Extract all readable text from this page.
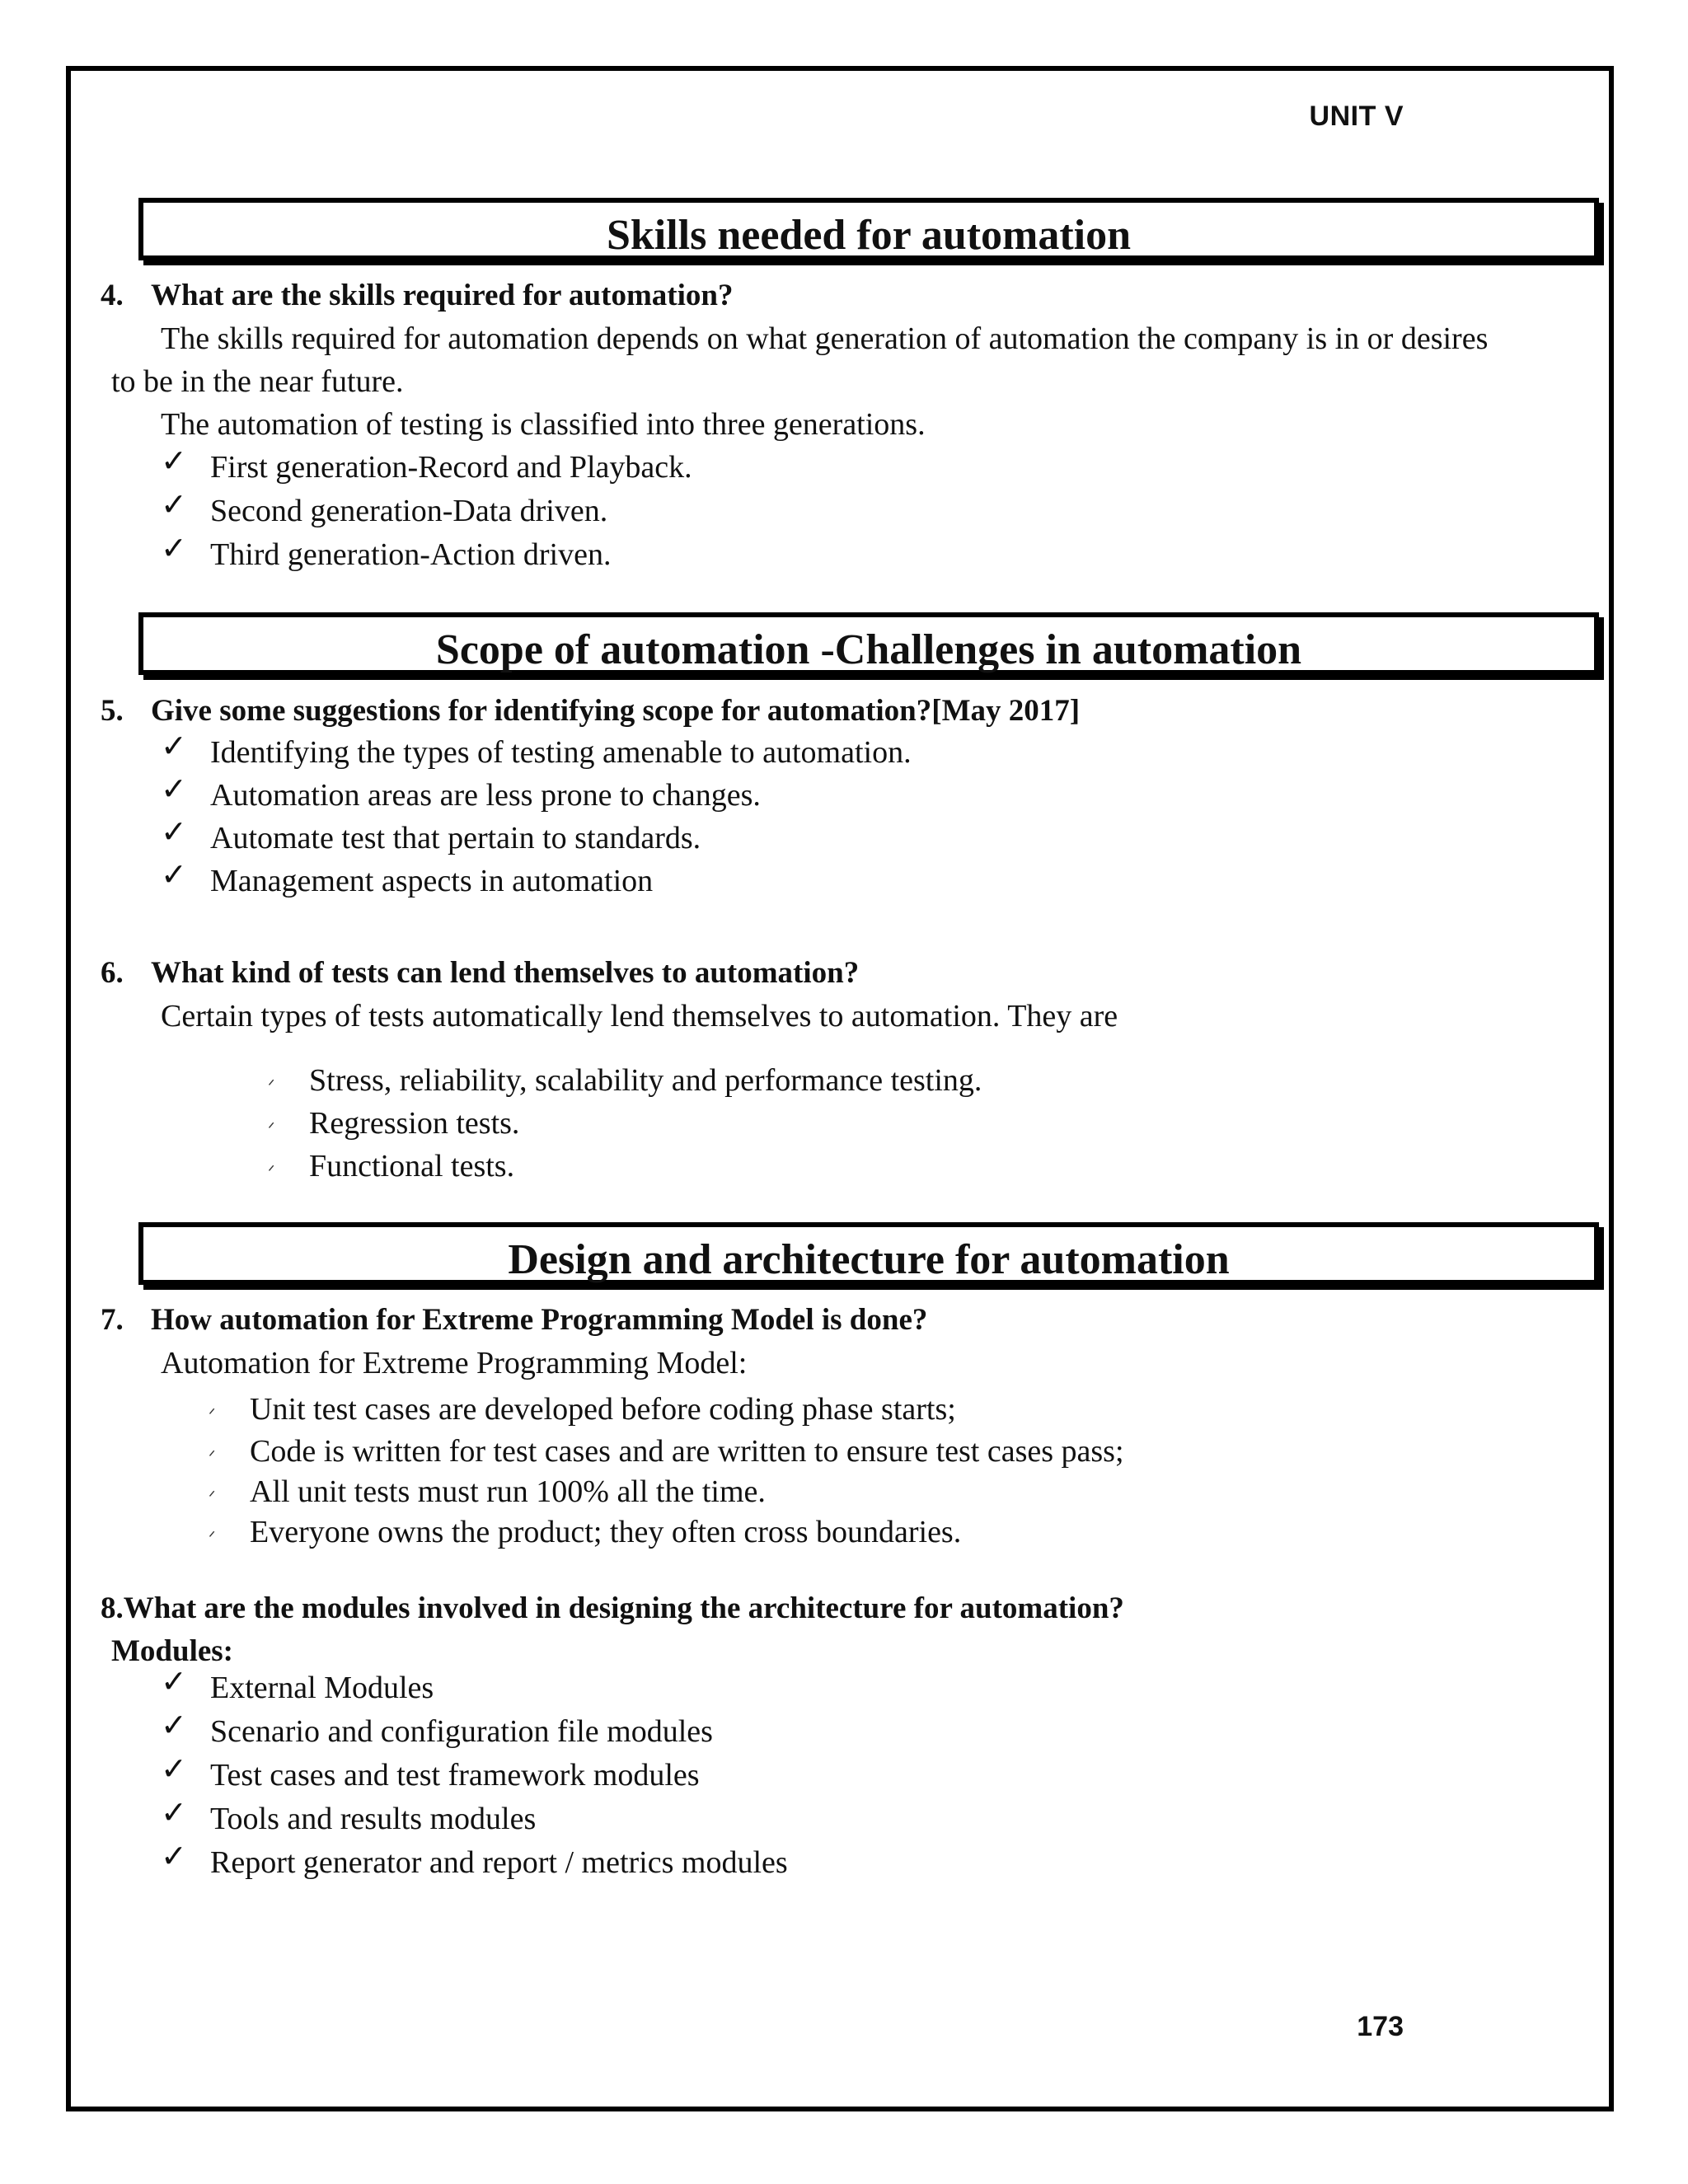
UNIT V
Skills needed for automation
4. What are the skills required for automation?
The skills required for automation depends on what generation of automation the company is in or desires
to be in the near future.
The automation of testing is classified into three generations.
✓ First generation-Record and Playback.
✓ Second generation-Data driven.
✓ Third generation-Action driven.
Scope of automation -Challenges in automation
5. Give some suggestions for identifying scope for automation?[May 2017]
✓ Identifying the types of testing amenable to automation.
✓ Automation areas are less prone to changes.
✓ Automate test that pertain to standards.
✓ Management aspects in automation
6. What kind of tests can lend themselves to automation?
Certain types of tests automatically lend themselves to automation. They are
ᐟ Stress, reliability, scalability and performance testing.
ᐟ Regression tests.
ᐟ Functional tests.
Design and architecture for automation
7. How automation for Extreme Programming Model is done?
Automation for Extreme Programming Model:
ᐟ Unit test cases are developed before coding phase starts;
ᐟ Code is written for test cases and are written to ensure test cases pass;
ᐟ All unit tests must run 100% all the time.
ᐟ Everyone owns the product; they often cross boundaries.
8.What are the modules involved in designing the architecture for automation?
Modules:
✓ External Modules
✓ Scenario and configuration file modules
✓ Test cases and test framework modules
✓ Tools and results modules
✓ Report generator and report / metrics modules
173
